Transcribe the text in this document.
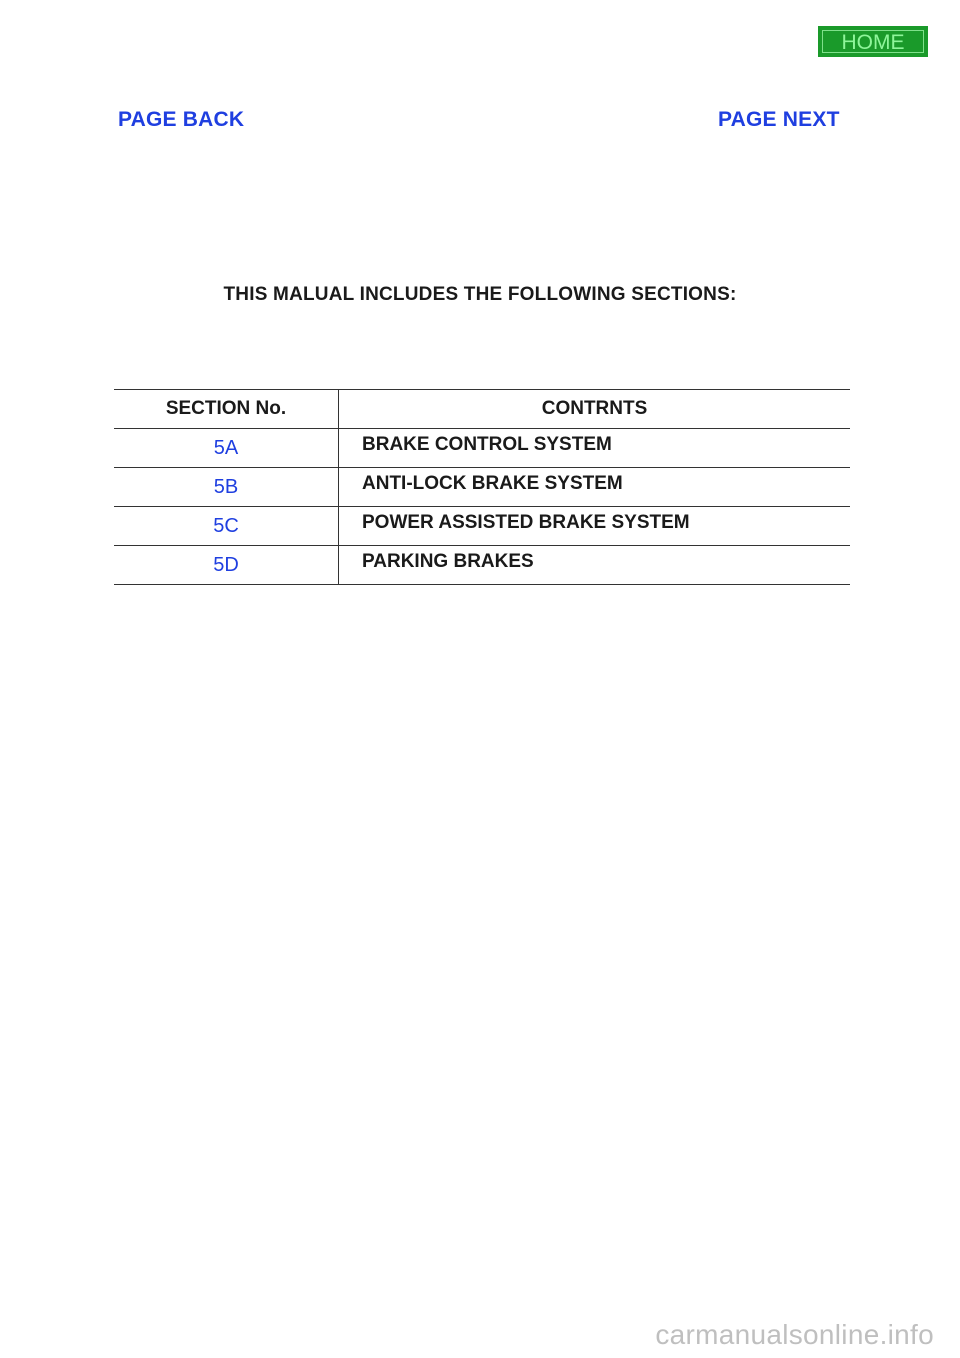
HOME
PAGE BACK	PAGE NEXT
THIS MALUAL INCLUDES THE FOLLOWING SECTIONS:
SECTION No.	CONTRNTS
5A	BRAKE CONTROL SYSTEM
5B	ANTI-LOCK BRAKE SYSTEM
5C	POWER ASSISTED BRAKE SYSTEM
5D	PARKING BRAKES
carmanualsonline.info
